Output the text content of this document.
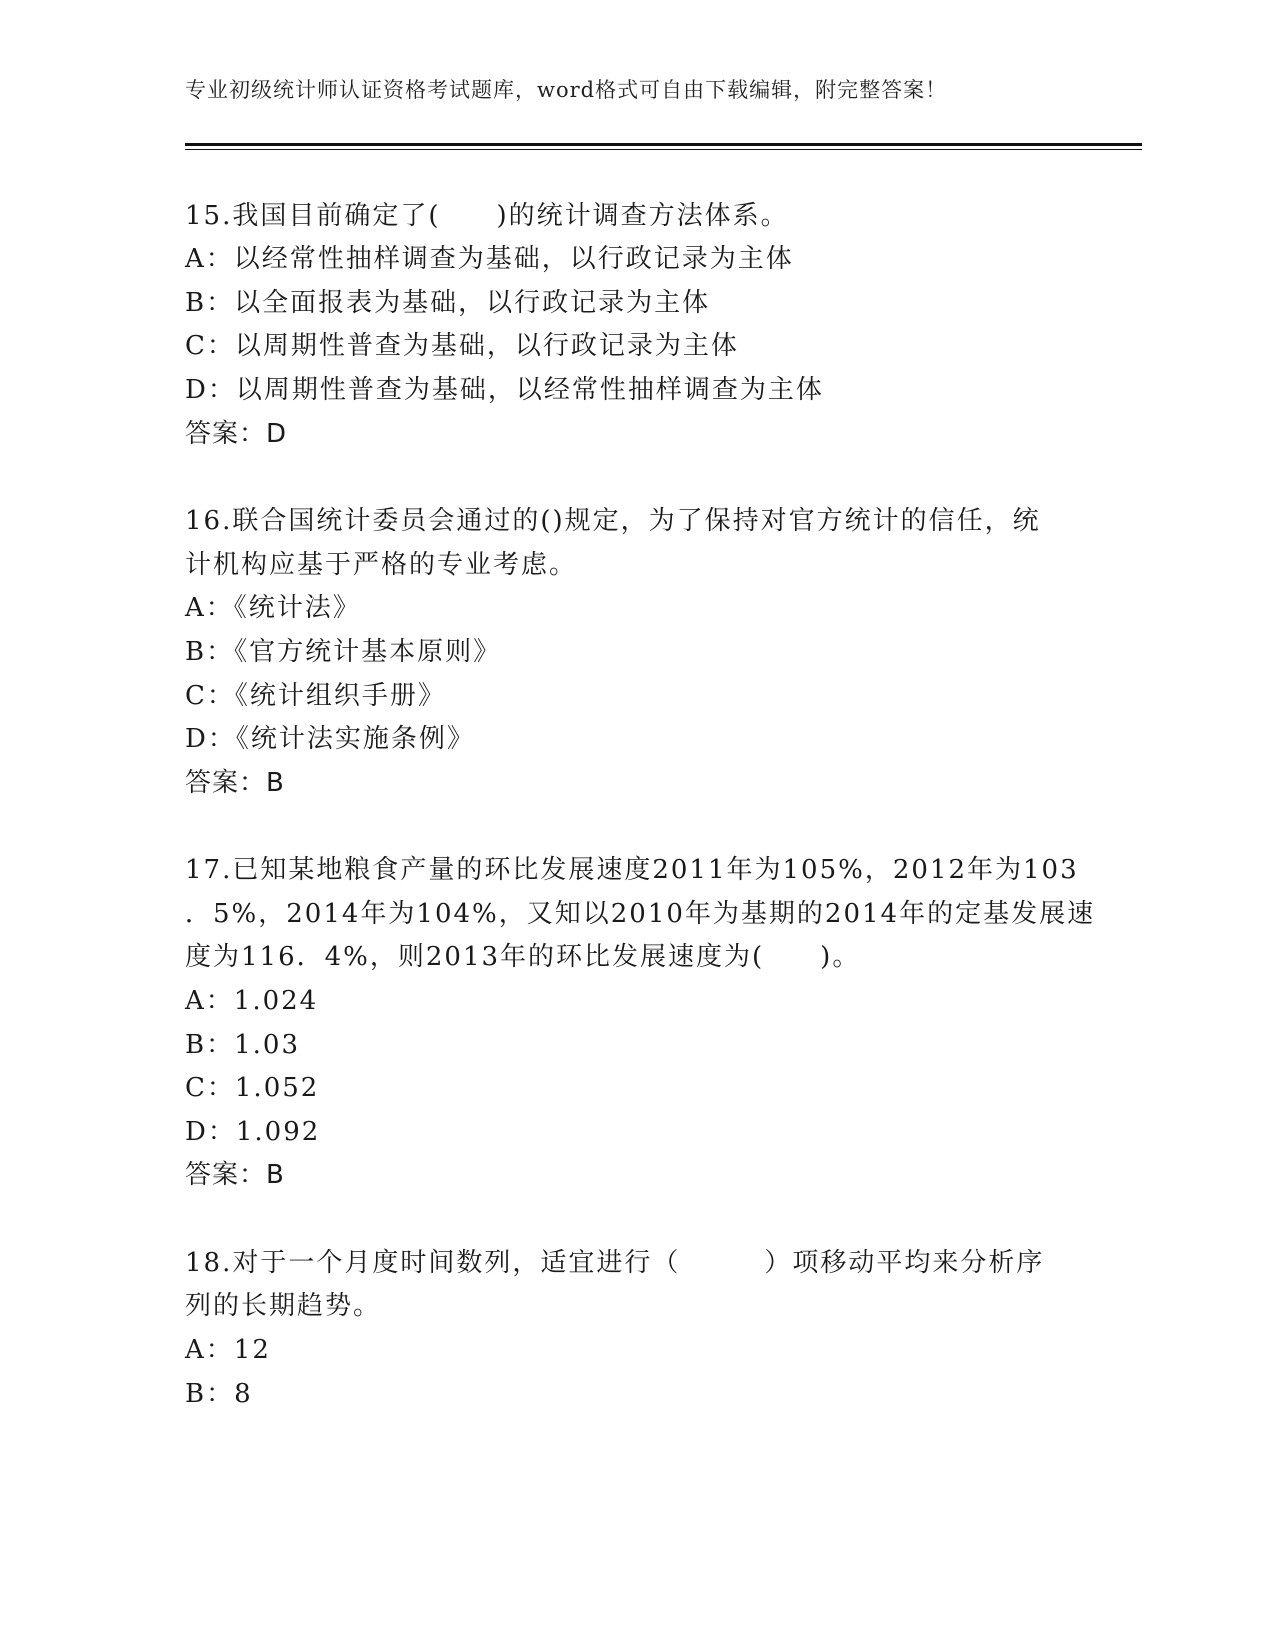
专业初级统计师认证资格考试题库，word格式可自由下载编辑，附完整答案！
15.我国目前确定了(　　)的统计调查方法体系。
A：以经常性抽样调查为基础，以行政记录为主体
B：以全面报表为基础，以行政记录为主体
C：以周期性普查为基础，以行政记录为主体
D：以周期性普查为基础，以经常性抽样调查为主体
答案：D
16.联合国统计委员会通过的()规定，为了保持对官方统计的信任，统
计机构应基于严格的专业考虑。
A：《统计法》
B：《官方统计基本原则》
C：《统计组织手册》
D：《统计法实施条例》
答案：B
17.已知某地粮食产量的环比发展速度2011年为105%，2012年为103
．5%，2014年为104%，又知以2010年为基期的2014年的定基发展速
度为116．4%，则2013年的环比发展速度为(　　)。
A：1.024
B：1.03
C：1.052
D：1.092
答案：B
18.对于一个月度时间数列，适宜进行（　　　）项移动平均来分析序
列的长期趋势。
A：12
B：8
